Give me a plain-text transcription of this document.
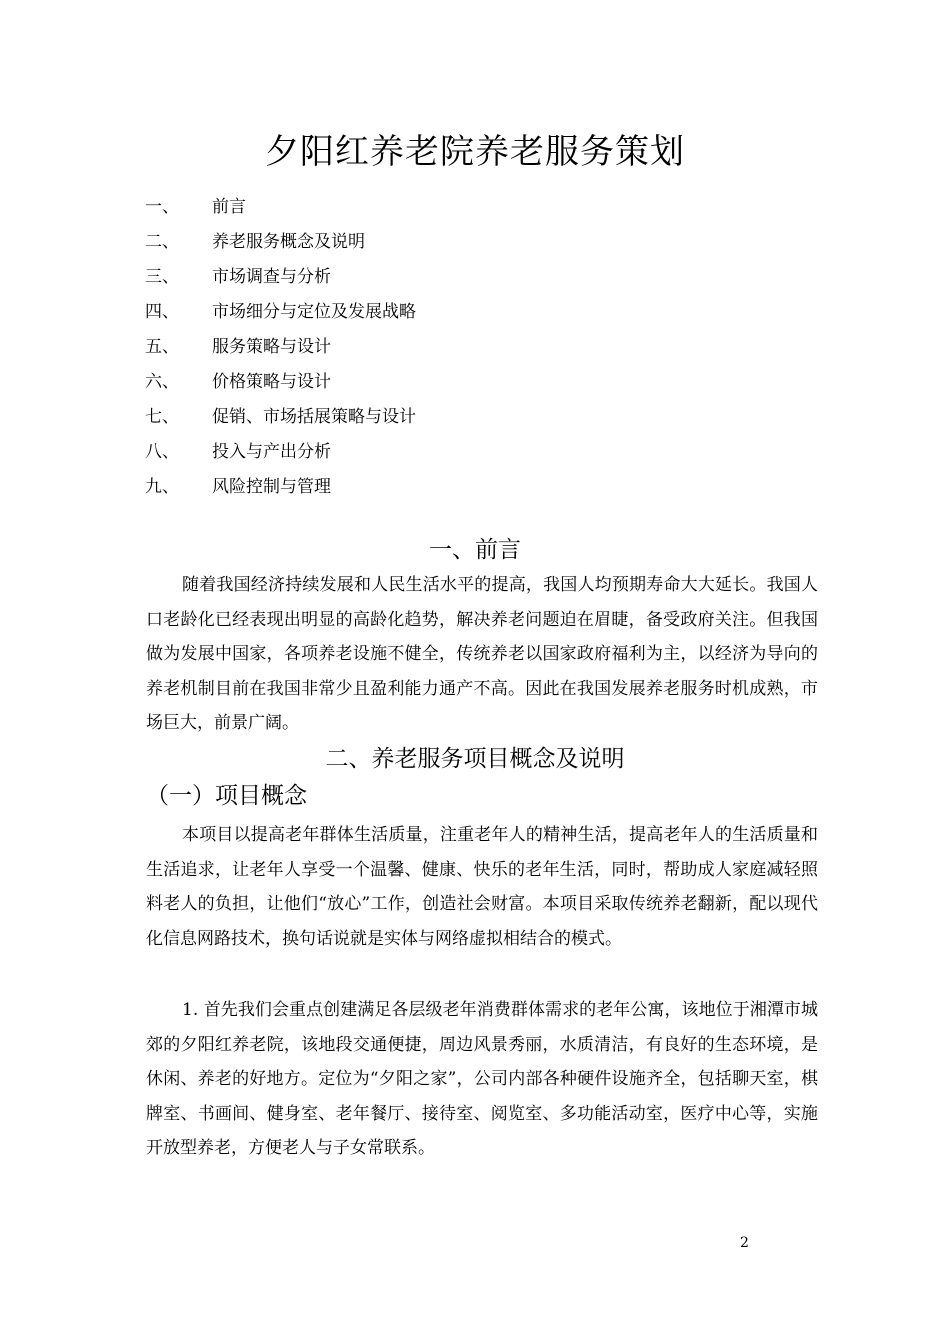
夕阳红养老院养老服务策划
一、 前言
二、 养老服务概念及说明
三、 市场调查与分析
四、 市场细分与定位及发展战略
五、 服务策略与设计
六、 价格策略与设计
七、 促销、市场括展策略与设计
八、 投入与产出分析
九、 风险控制与管理
一、前言

随着我国经济持续发展和人民生活水平的提高，我国人均预期寿命大大延长。我国人口老龄化已经表现出明显的高龄化趋势，解决养老问题迫在眉睫，备受政府关注。但我国做为发展中国家，各项养老设施不健全，传统养老以国家政府福利为主，以经济为导向的养老机制目前在我国非常少且盈利能力通产不高。因此在我国发展养老服务时机成熟，市场巨大，前景广阔。

二、养老服务项目概念及说明
（一）项目概念

本项目以提高老年群体生活质量，注重老年人的精神生活，提高老年人的生活质量和生活追求，让老年人享受一个温馨、健康、快乐的老年生活，同时，帮助成人家庭减轻照料老人的负担，让他们“放心”工作，创造社会财富。本项目采取传统养老翻新，配以现代化信息网路技术，换句话说就是实体与网络虚拟相结合的模式。

1. 首先我们会重点创建满足各层级老年消费群体需求的老年公寓，该地位于湘潭市城郊的夕阳红养老院，该地段交通便捷，周边风景秀丽，水质清洁，有良好的生态环境，是休闲、养老的好地方。定位为“夕阳之家”，公司内部各种硬件设施齐全，包括聊天室，棋牌室、书画间、健身室、老年餐厅、接待室、阅览室、多功能活动室，医疗中心等，实施开放型养老，方便老人与子女常联系。

2
